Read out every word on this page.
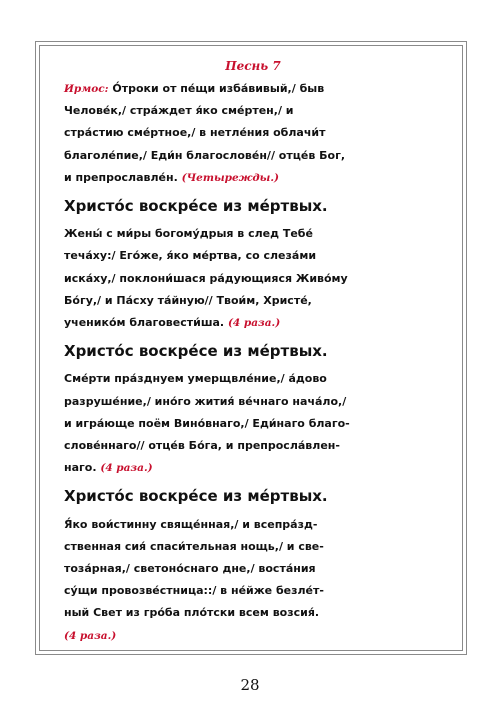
Песнь 7
Ирмос: О́троки от пе́щи изба́вивый,/ быв
Челове́к,/ стра́ждет я́ко сме́ртен,/ и
стра́стию сме́ртное,/ в нетле́ния облачи́т
благоле́пие,/ Еди́н благослове́н// отце́в Бог,
и препрославле́н. (Четырежды.)
Христо́с воскре́се из ме́ртвых.
Жены́ с ми́ры богому́дрыя в след Тебе́
теча́ху:/ Его́же, я́ко ме́ртва, со слеза́ми
иска́ху,/ поклони́шася ра́дующияся Живо́му
Бо́гу,/ и Па́сху та́йную// Твои́м, Христе́,
ученико́м благовести́ша. (4 раза.)
Христо́с воскре́се из ме́ртвых.
Сме́рти пра́зднуем умерщвле́ние,/ а́дово
разруше́ние,/ ино́го жития́ ве́чнаго нача́ло,/
и игра́юще поём Вино́внаго,/ Еди́наго благо-
слове́ннаго// отце́в Бо́га, и препросла́влен-
наго. (4 раза.)
Христо́с воскре́се из ме́ртвых.
Я́ко вои́стинну свяще́нная,/ и всепра́зд-
ственная сия́ спаси́тельная нощь,/ и све-
тоза́рная,/ светоно́снаго дне,/ воста́ния
су́щи провозве́стница::/ в не́йже безле́т-
ный Свет из гро́ба пло́тски всем возсия́.
(4 раза.)
28
